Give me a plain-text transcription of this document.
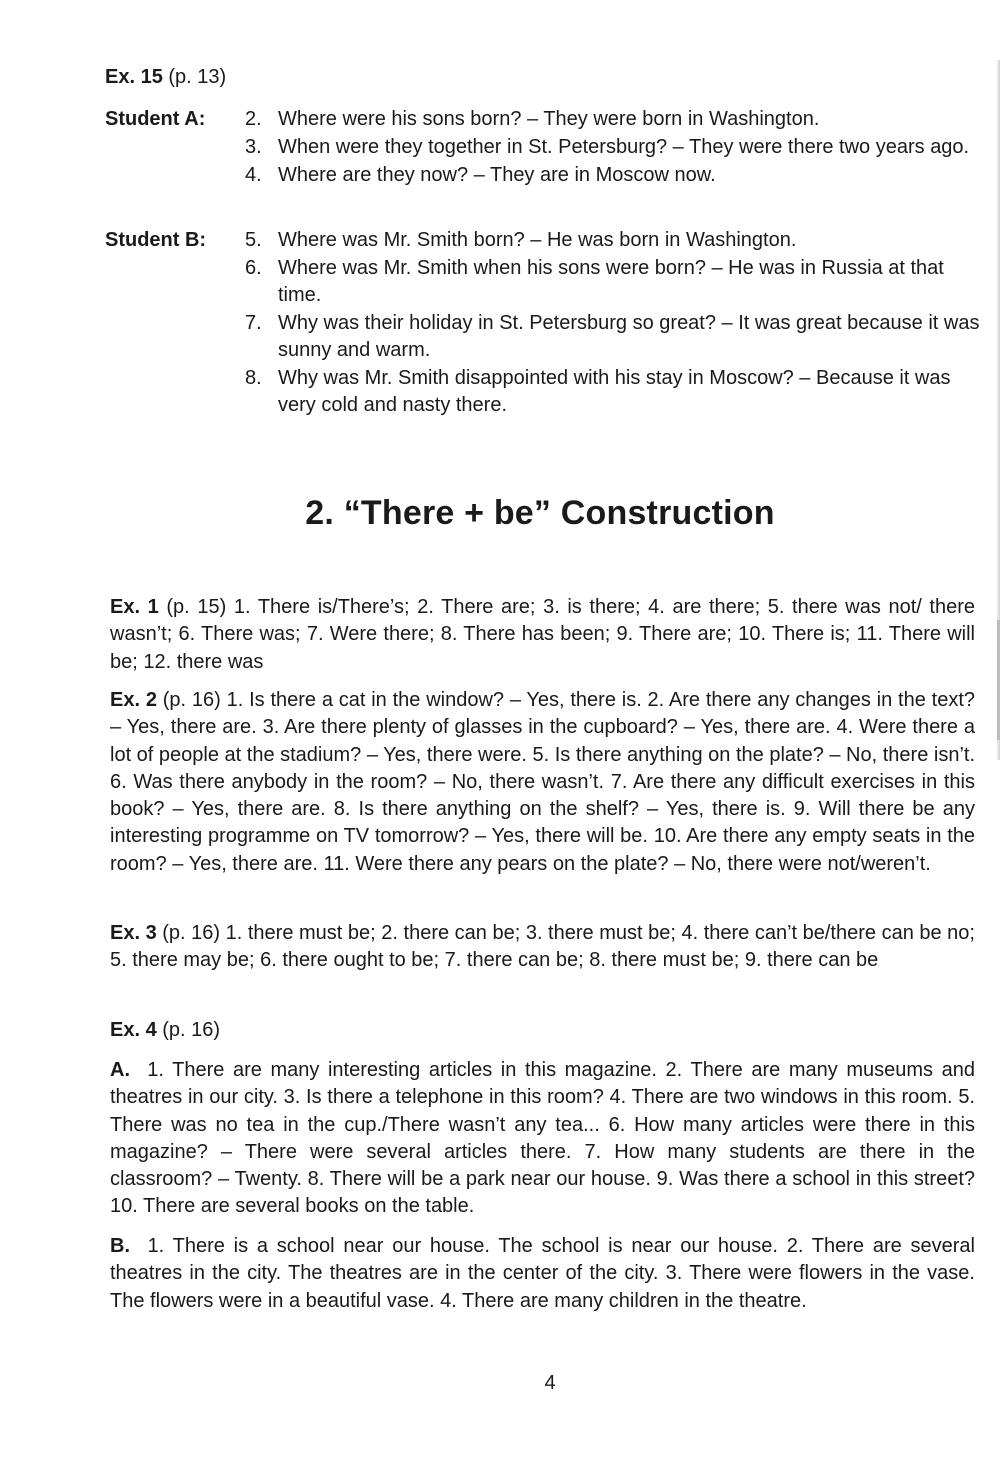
Ex. 15 (p. 13)
Student A: 2. Where were his sons born? – They were born in Washington.
3. When were they together in St. Petersburg? – They were there two years ago.
4. Where are they now? – They are in Moscow now.
Student B: 5. Where was Mr. Smith born? – He was born in Washington.
6. Where was Mr. Smith when his sons were born? – He was in Russia at that time.
7. Why was their holiday in St. Petersburg so great? – It was great because it was sunny and warm.
8. Why was Mr. Smith disappointed with his stay in Moscow? – Because it was very cold and nasty there.
2. “There + be” Construction
Ex. 1 (p. 15) 1. There is/There’s; 2. There are; 3. is there; 4. are there; 5. there was not/ there wasn’t; 6. There was; 7. Were there; 8. There has been; 9. There are; 10. There is; 11. There will be; 12. there was
Ex. 2 (p. 16) 1. Is there a cat in the window? – Yes, there is. 2. Are there any changes in the text? – Yes, there are. 3. Are there plenty of glasses in the cupboard? – Yes, there are. 4. Were there a lot of people at the stadium? – Yes, there were. 5. Is there anything on the plate? – No, there isn’t. 6. Was there anybody in the room? – No, there wasn’t. 7. Are there any difficult exercises in this book? – Yes, there are. 8. Is there anything on the shelf? – Yes, there is. 9. Will there be any interesting programme on TV tomorrow? – Yes, there will be. 10. Are there any empty seats in the room? – Yes, there are. 11. Were there any pears on the plate? – No, there were not/weren’t.
Ex. 3 (p. 16) 1. there must be; 2. there can be; 3. there must be; 4. there can’t be/there can be no; 5. there may be; 6. there ought to be; 7. there can be; 8. there must be; 9. there can be
Ex. 4 (p. 16)
A. 1. There are many interesting articles in this magazine. 2. There are many museums and theatres in our city. 3. Is there a telephone in this room? 4. There are two windows in this room. 5. There was no tea in the cup./There wasn’t any tea... 6. How many articles were there in this magazine? – There were several articles there. 7. How many students are there in the classroom? – Twenty. 8. There will be a park near our house. 9. Was there a school in this street? 10. There are several books on the table.
B. 1. There is a school near our house. The school is near our house. 2. There are several theatres in the city. The theatres are in the center of the city. 3. There were flowers in the vase. The flowers were in a beautiful vase. 4. There are many children in the theatre.
4
